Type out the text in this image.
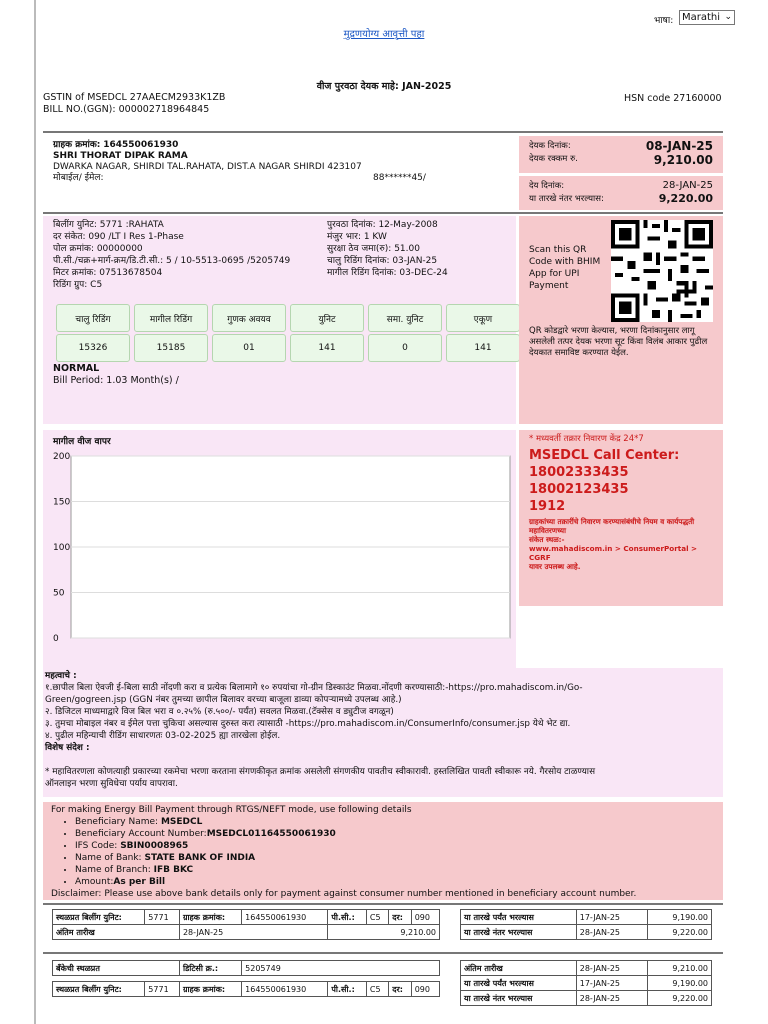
मुद्रणयोग्य आवृत्ती पहा
भाषा: Marathi ⌄
वीज पुरवठा देयक माहे: JAN-2025
GSTIN of MSEDCL 27AAECM2933K1ZB
BILL NO.(GGN): 000002718964845
HSN code 27160000
ग्राहक क्रमांक: 164550061930
SHRI THORAT DIPAK RAMA
DWARKA NAGAR, SHIRDI TAL.RAHATA, DIST.A NAGAR SHIRDI 423107
मोबाईल/ ईमेल:	88******45/
देयक दिनांक:	08-JAN-25
देयक रक्कम रु.	9,210.00
देय दिनांक:	28-JAN-25
या तारखे नंतर भरल्यास:	9,220.00
बिलींग युनिट: 5771 :RAHATA
दर संकेत: 090 /LT I Res 1-Phase
पोल क्रमांक: 00000000
पी.सी./चक्र+मार्ग-क्रम/डि.टी.सी.: 5 / 10-5513-0695 /5205749
मिटर क्रमांक: 07513678504
रिडिंग ग्रुप: C5
पुरवठा दिनांक: 12-May-2008
मंजुर भार: 1 KW
सुरक्षा ठेव जमा(रु): 51.00
चालु रिडिंग दिनांक: 03-JAN-25
मागील रिडिंग दिनांक: 03-DEC-24
NORMAL
Bill Period: 1.03 Month(s) /
चालु रिडिंग	मागील रिडिंग	गुणक अवयव	युनिट	समा. युनिट	एकूण
15326	15185	01	141	0	141
Scan this QR Code with BHIM App for UPI Payment
QR कोडद्वारे भरणा केल्यास, भरणा दिनांकानुसार लागू असलेली तत्पर देयक भरणा सूट किंवा विलंब आकार पुढील देयकात समाविष्ट करण्यात येईल.
मागील वीज वापर
0
50
100
150
200
* मध्यवर्ती तक्रार निवारण केंद्र 24*7
MSEDCL Call Center:
18002333435
18002123435
1912
ग्राहकांच्या तक्रारींचे निवारण करण्यासंबंधीचे नियम व कार्यपद्धती महावितरणच्या
संकेत स्थळ:-
www.mahadiscom.in > ConsumerPortal > CGRF
यावर उपलब्ध आहे.
महत्वाचे :
१.छापील बिला ऐवजी ई-बिला साठी नोंदणी करा व प्रत्येक बिलामागे १० रुपयांचा गो-ग्रीन डिस्काउंट मिळवा.नोंदणी करण्यासाठी:-https://pro.mahadiscom.in/Go-
Green/gogreen.jsp (GGN नंबर तुमच्या छापील बिलावर वरच्या बाजूला डाव्या कोपऱ्यामध्ये उपलब्ध आहे.)
२. डिजिटल माध्यमाद्वारे विज बिल भरा व ०.२५% (रु.५००/- पर्यंत) सवलत मिळवा.(टॅक्सेस व ड्युटीज वगळून)
३. तुमचा मोबाइल नंबर व ईमेल पत्ता चुकिचा असल्यास दुरुस्त करा त्यासाठी -https://pro.mahadiscom.in/ConsumerInfo/consumer.jsp येथे भेट द्या.
४. पुढील महिन्याची रीडिंग साधारणतः 03-02-2025 ह्या तारखेला होईल.
विशेष संदेश :
* महावितरणला कोणत्याही प्रकारच्या रकमेचा भरणा करताना संगणकीकृत क्रमांक असलेली संगणकीय पावतीच स्वीकारावी. हस्तलिखित पावती स्वीकारू नये. गैरसोय टाळण्यास
ऑनलाइन भरणा सुविधेचा पर्याय वापरावा.
For making Energy Bill Payment through RTGS/NEFT mode, use following details
• Beneficiary Name: MSEDCL
• Beneficiary Account Number:MSEDCL01164550061930
• IFS Code: SBIN0008965
• Name of Bank: STATE BANK OF INDIA
• Name of Branch: IFB BKC
• Amount:As per Bill
Disclaimer: Please use above bank details only for payment against consumer number mentioned in beneficiary account number.
स्थळप्रत बिलींग युनिट:	5771	ग्राहक क्रमांक:	164550061930	पी.सी.:	C5	दर:	090
अंतिम तारीख		28-JAN-25		9,210.00			
या तारखे पर्यंत भरल्यास	17-JAN-25	9,190.00
या तारखे नंतर भरल्यास	28-JAN-25	9,220.00
बँकेची स्थळप्रत		डिटिसी क्र.:	5205749				

स्थळप्रत बिलींग युनिट:	5771	ग्राहक क्रमांक:	164550061930	पी.सी.:	C5	दर:	090
अंतिम तारीख	28-JAN-25	9,210.00
या तारखे पर्यंत भरल्यास	17-JAN-25	9,190.00
या तारखे नंतर भरल्यास	28-JAN-25	9,220.00
